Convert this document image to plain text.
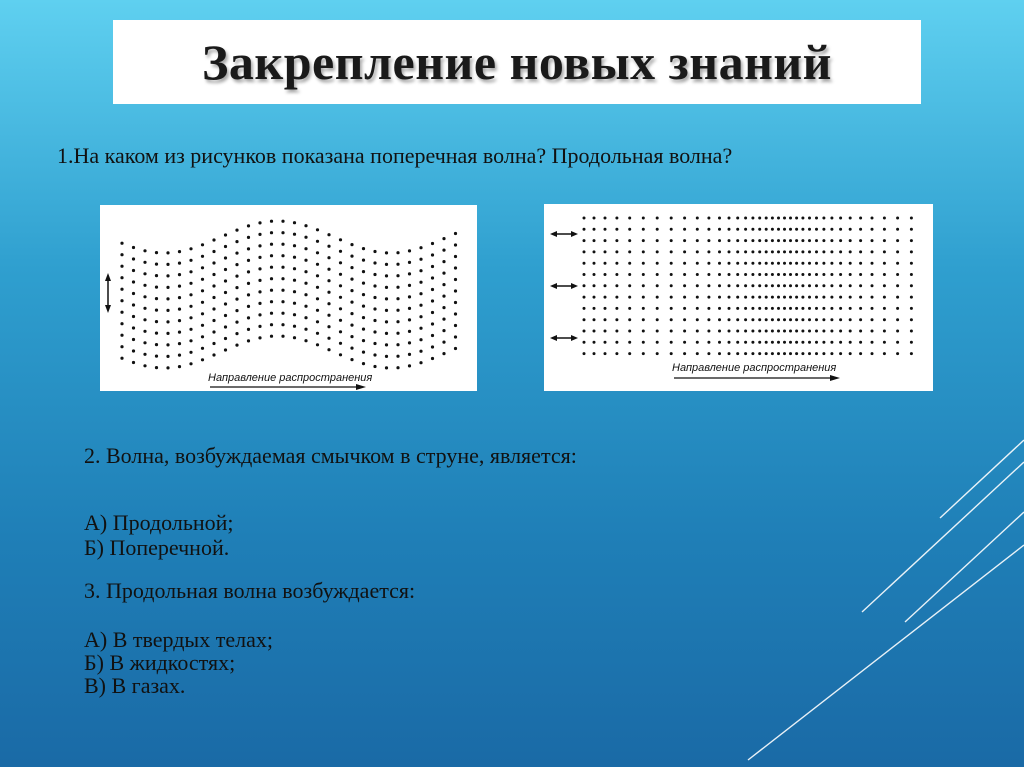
Закрепление новых знаний
1.На каком из рисунков показана поперечная волна? Продольная волна?
Направление распространения
Направление распространения
2. Волна, возбуждаемая смычком в струне, является:
А) Продольной;
Б) Поперечной.
3. Продольная волна возбуждается:
А) В твердых телах;
Б) В жидкостях;
В) В газах.
